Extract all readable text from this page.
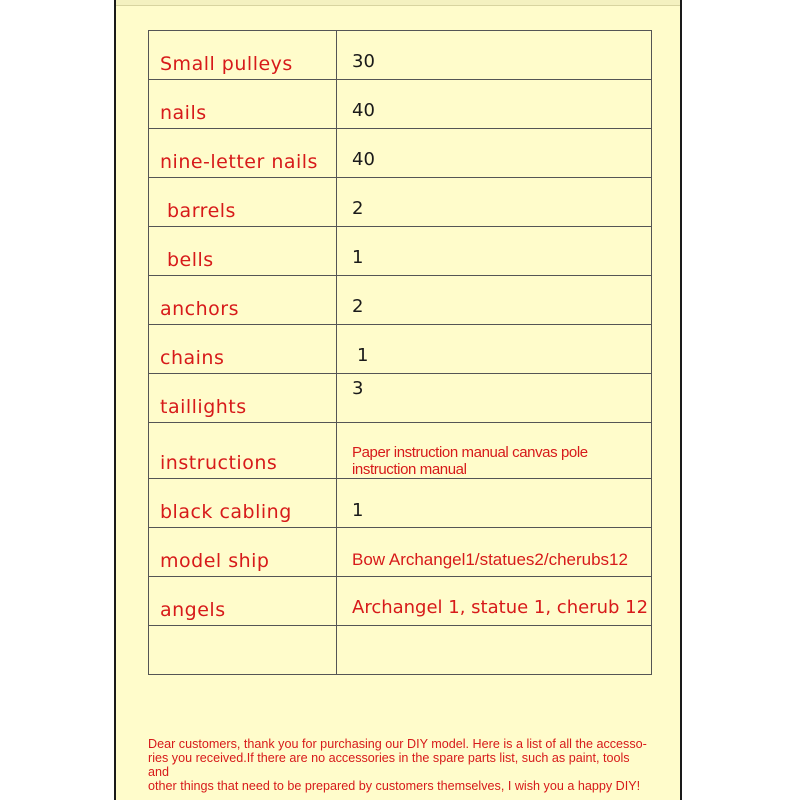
Small pulleys	30
nails	40
nine-letter nails	40
barrels	2
bells	1
anchors	2
chains	1
taillights	3
instructions	Paper instruction manual canvas pole instruction manual
black cabling	1
model ship	Bow Archangel1/statues2/cherubs12
angels	Archangel 1, statue 1, cherub 12

Dear customers, thank you for purchasing our DIY model. Here is a list of all the accesso-
ries you received.If there are no accessories in the spare parts list, such as paint, tools and
other things that need to be prepared by customers themselves, I wish you a happy DIY!
